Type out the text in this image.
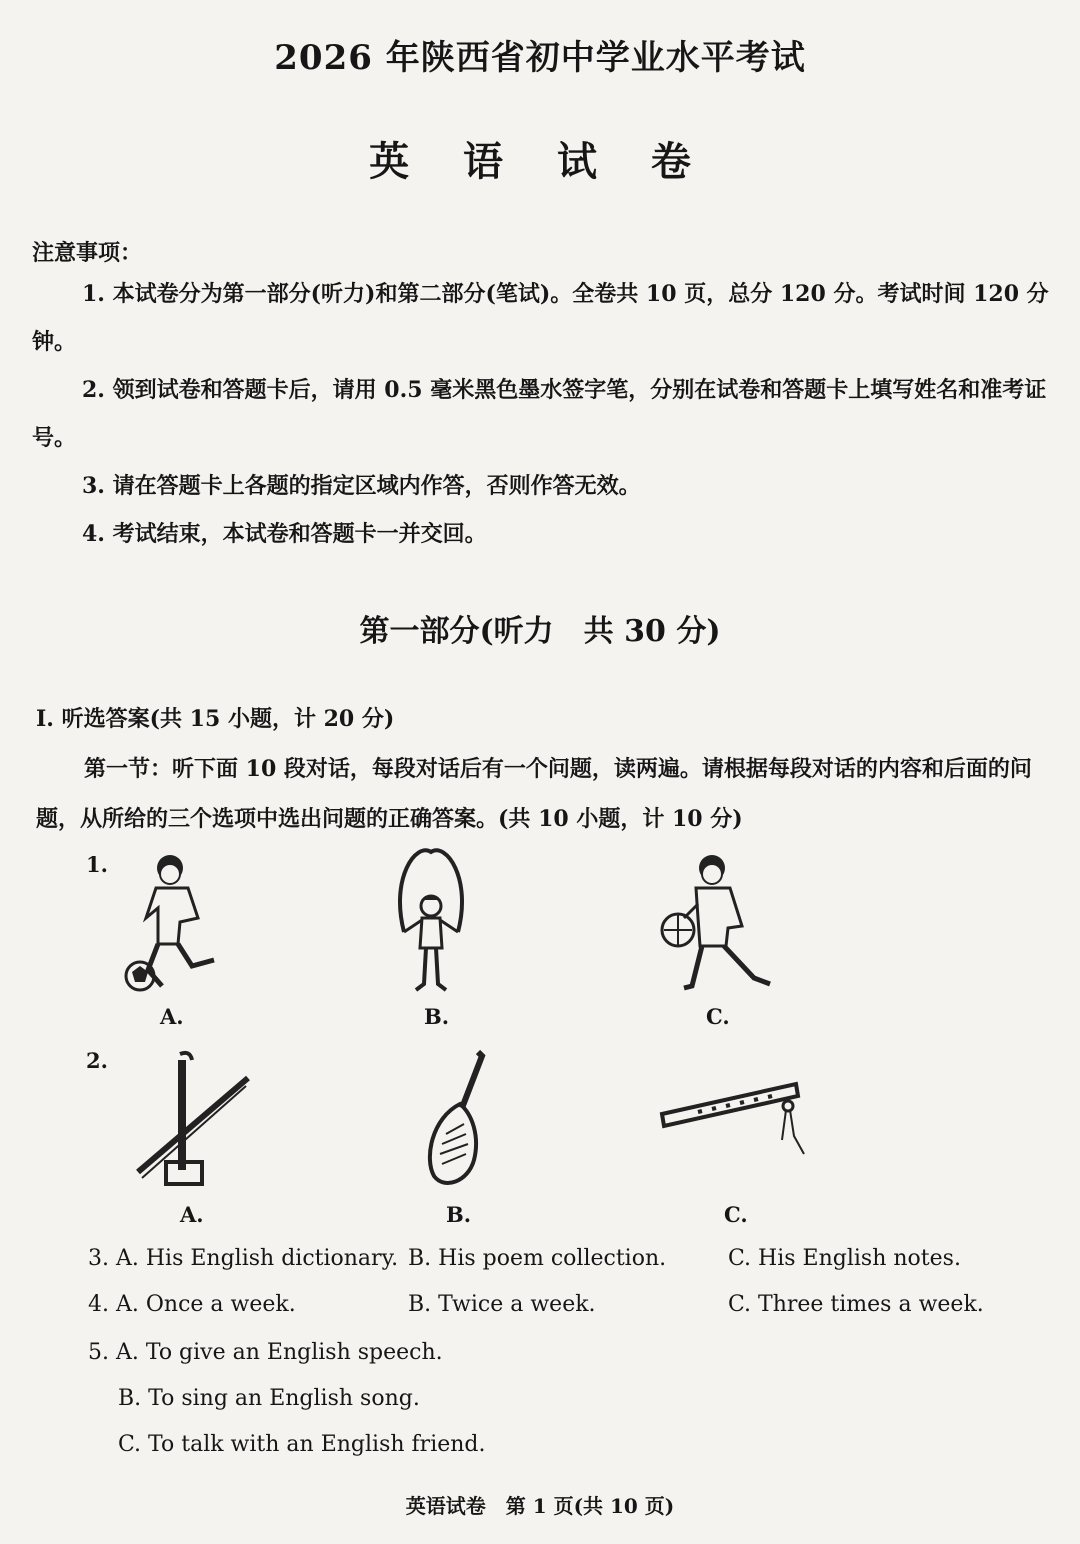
2026 年陕西省初中学业水平考试
英 语 试 卷
注意事项：

1. 本试卷分为第一部分(听力)和第二部分(笔试)。全卷共 10 页，总分 120 分。考试时间 120 分钟。

2. 领到试卷和答题卡后，请用 0.5 毫米黑色墨水签字笔，分别在试卷和答题卡上填写姓名和准考证号。

3. 请在答题卡上各题的指定区域内作答，否则作答无效。

4. 考试结束，本试卷和答题卡一并交回。

第一部分(听力　共 30 分)
Ⅰ. 听选答案(共 15 小题，计 20 分)

第一节：听下面 10 段对话，每段对话后有一个问题，读两遍。请根据每段对话的内容和后面的问题，从所给的三个选项中选出问题的正确答案。(共 10 小题，计 10 分)

1.
A.	B.	C.
2.
A.	B.	C.
3. A. His English dictionary. B. His poem collection.	C. His English notes.
4. A. Once a week.	B. Twice a week.	C. Three times a week.
5. A. To give an English speech.
B. To sing an English song.
C. To talk with an English friend.
英语试卷　第 1 页(共 10 页)
